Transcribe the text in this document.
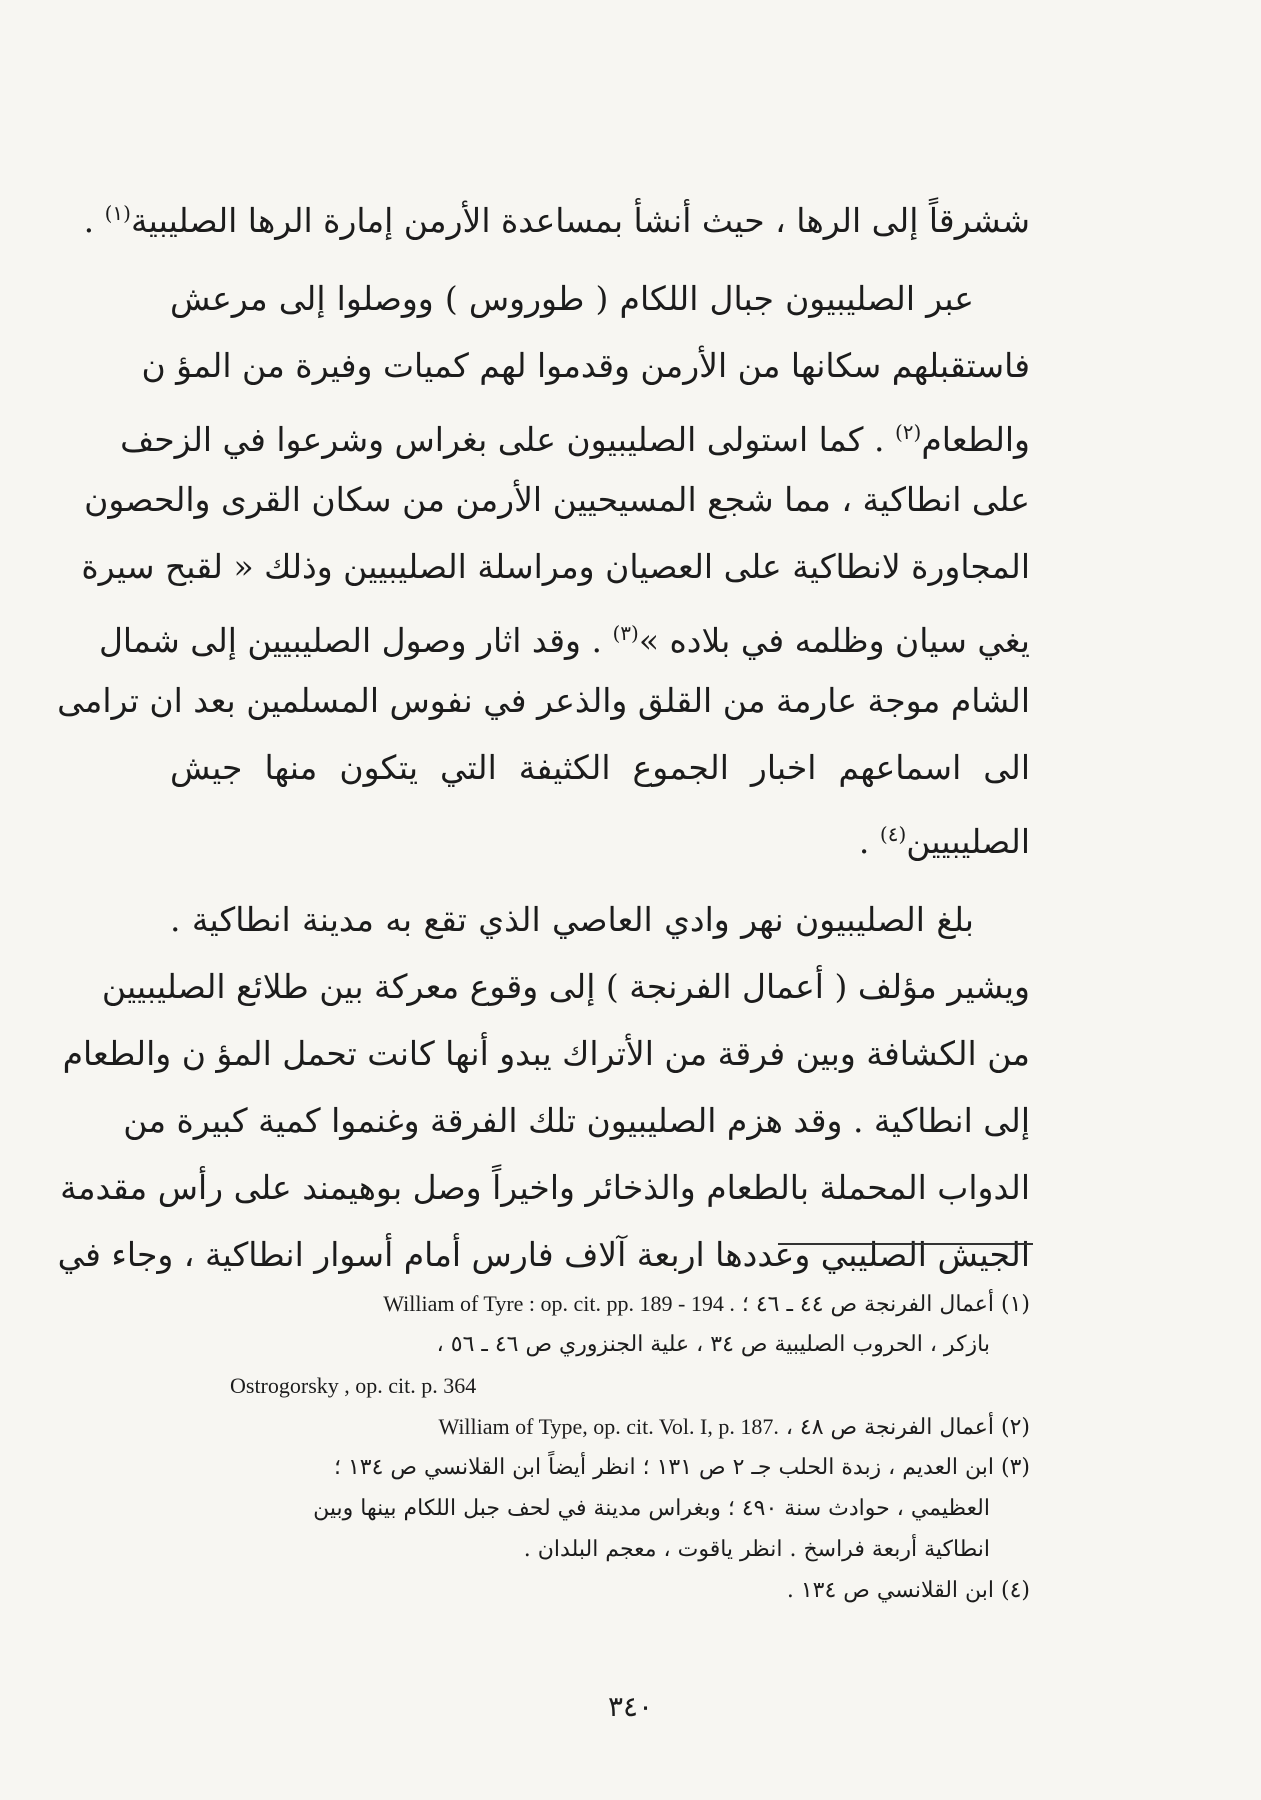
ششرقاً إلى الرها ، حيث أنشأ بمساعدة الأرمن إمارة الرها الصليبية$^{(١)}$ .
عبر الصليبيون جبال اللكام ( طوروس ) ووصلوا إلى مرعش
فاستقبلهم سكانها من الأرمن وقدموا لهم كميات وفيرة من المؤ ن
والطعام$^{(٢)}$ . كما استولى الصليبيون على بغراس وشرعوا في الزحف
على انطاكية ، مما شجع المسيحيين الأرمن من سكان القرى والحصون
المجاورة لانطاكية على العصيان ومراسلة الصليبيين وذلك « لقبح سيرة
يغي سيان وظلمه في بلاده »$^{(٣)}$ . وقد اثار وصول الصليبيين إلى شمال
الشام موجة عارمة من القلق والذعر في نفوس المسلمين بعد ان ترامى
الى اسماعهم اخبار الجموع الكثيفة التي يتكون منها جيش
الصليبيين$^{(٤)}$ .
بلغ الصليبيون نهر وادي العاصي الذي تقع به مدينة انطاكية .
ويشير مؤلف ( أعمال الفرنجة ) إلى وقوع معركة بين طلائع الصليبيين
من الكشافة وبين فرقة من الأتراك يبدو أنها كانت تحمل المؤ ن والطعام
إلى انطاكية . وقد هزم الصليبيون تلك الفرقة وغنموا كمية كبيرة من
الدواب المحملة بالطعام والذخائر واخيراً وصل بوهيمند على رأس مقدمة
الجيش الصليبي وعددها اربعة آلاف فارس أمام أسوار انطاكية ، وجاء في
(١) أعمال الفرنجة ص ٤٤ ـ ٤٦ ؛ William of Tyre : op. cit. pp. 189 - 194 .
بازكر ، الحروب الصليبية ص ٣٤ ، علية الجنزوري ص ٤٦ ـ ٥٦ ،
Ostrogorsky , op. cit. p. 364
(٢) أعمال الفرنجة ص ٤٨ ، William of Type, op. cit. Vol. I, p. 187.
(٣) ابن العديم ، زبدة الحلب جـ ٢ ص ١٣١ ؛ انظر أيضاً ابن القلانسي ص ١٣٤ ؛
العظيمي ، حوادث سنة ٤٩٠ ؛ وبغراس مدينة في لحف جبل اللكام بينها وبين
انطاكية أربعة فراسخ . انظر ياقوت ، معجم البلدان .
(٤) ابن القلانسي ص ١٣٤ .
٣٤٠
